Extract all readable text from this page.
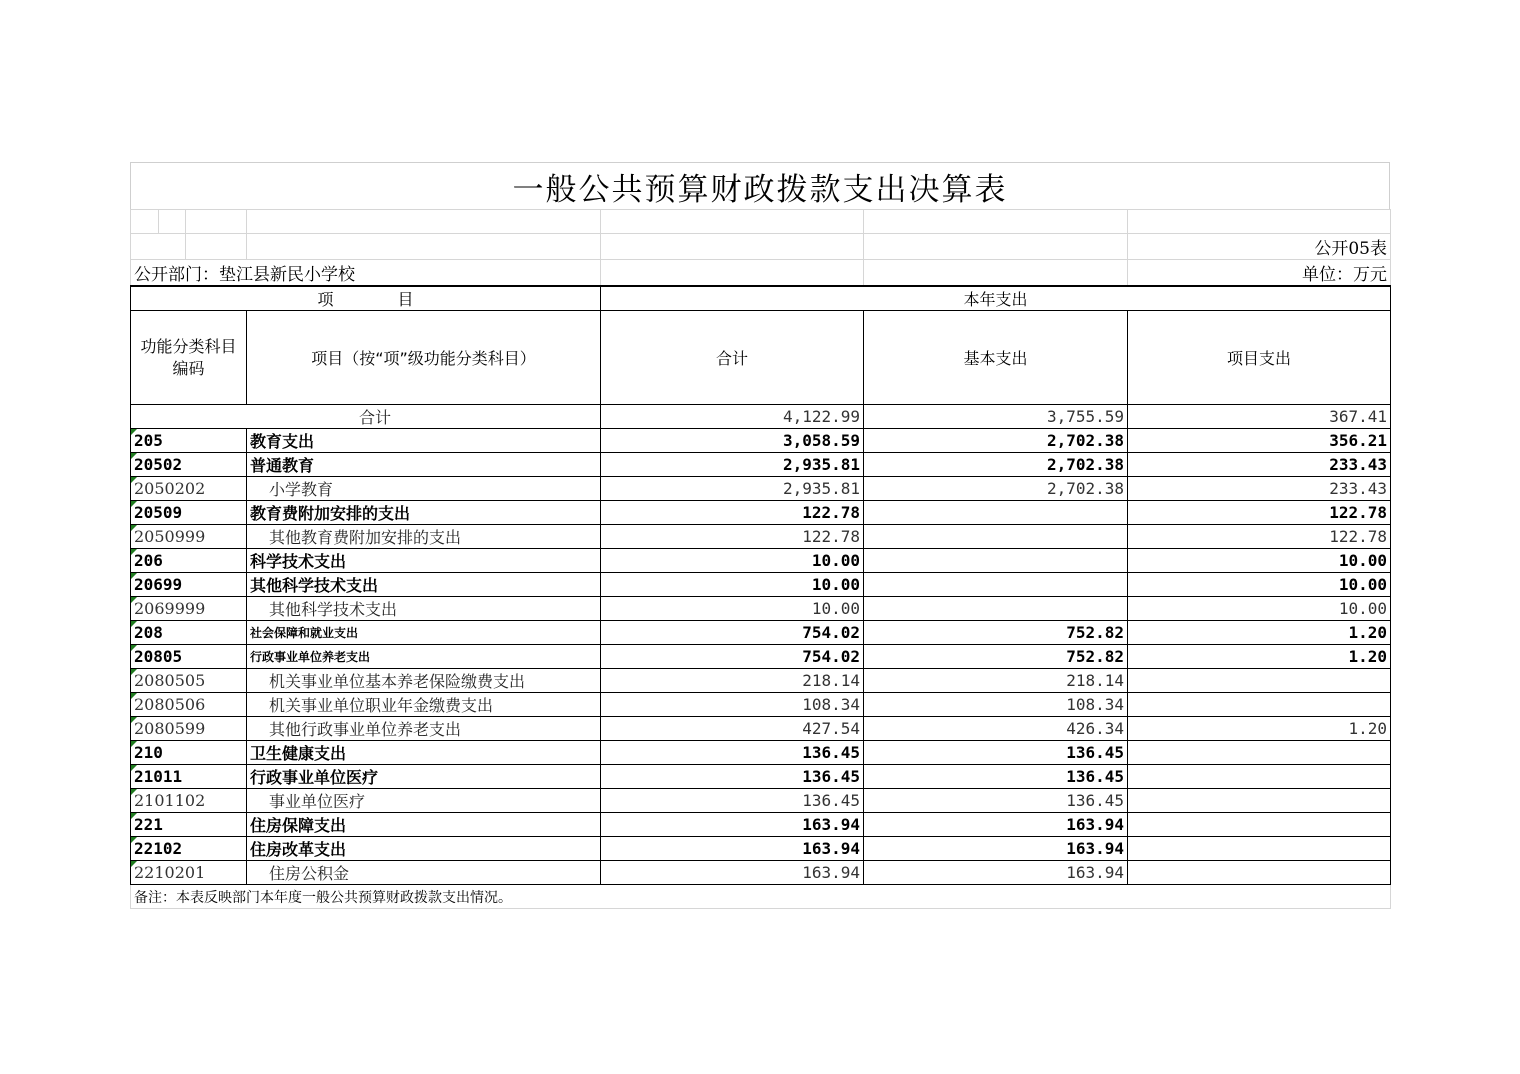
一般公共预算财政拨款支出决算表

						公开05表
公开部门：垫江县新民小学校						单位：万元
项　　　　目				本年支出		
功能分类科目编码			项目（按“项”级功能分类科目）	合计	基本支出	项目支出
合计				4,122.99	3,755.59	367.41
205			教育支出	3,058.59	2,702.38	356.21
20502			普通教育	2,935.81	2,702.38	233.43
2050202			小学教育	2,935.81	2,702.38	233.43
20509			教育费附加安排的支出	122.78		122.78
2050999			其他教育费附加安排的支出	122.78		122.78
206			科学技术支出	10.00		10.00
20699			其他科学技术支出	10.00		10.00
2069999			其他科学技术支出	10.00		10.00
208			社会保障和就业支出	754.02	752.82	1.20
20805			行政事业单位养老支出	754.02	752.82	1.20
2080505			机关事业单位基本养老保险缴费支出	218.14	218.14	
2080506			机关事业单位职业年金缴费支出	108.34	108.34	
2080599			其他行政事业单位养老支出	427.54	426.34	1.20
210			卫生健康支出	136.45	136.45	
21011			行政事业单位医疗	136.45	136.45	
2101102			事业单位医疗	136.45	136.45	
221			住房保障支出	163.94	163.94	
22102			住房改革支出	163.94	163.94	
2210201			住房公积金	163.94	163.94	
备注：本表反映部门本年度一般公共预算财政拨款支出情况。						
